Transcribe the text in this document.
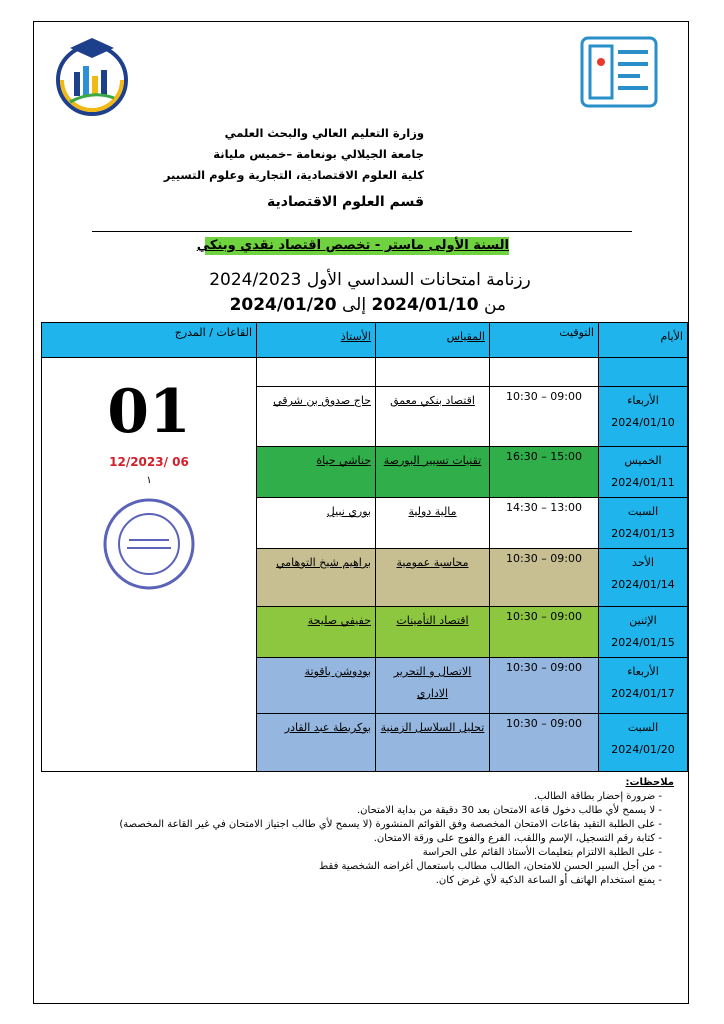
وزارة التعليم العالي والبحث العلمي
جامعة الجيلالي بونعامة –خميس مليانة
كلية العلوم الاقتصادية، التجارية وعلوم التسيير
قسم العلوم الاقتصادية
السنة الأولى ماستر - تخصص اقتصاد نقدي وبنكي
رزنامة امتحانات السداسي الأول 2024/2023
من 2024/01/10 إلى 2024/01/20
الأيام	التوقيت	المقياس	الأستاذ	القاعات / المدرج

				01
06 /12/2023
١

الأربعاء
2024/01/10	09:00 – 10:30	اقتصاد بنكي معمق	حاج صدوق بن شرقي	

الخميس
2024/01/11	15:00 – 16:30	تقنيات تسيير البورصة	حناشي حياة	

السبت
2024/01/13	13:00 – 14:30	مالية دولية	بوري نبيل	

الأحد
2024/01/14	09:00 – 10:30	محاسبة عمومية	براهيم شيخ التوهامي	

الإثنين
2024/01/15	09:00 – 10:30	اقتصاد التأمينات	حفيفي صليحة	

الأربعاء
2024/01/17	09:00 – 10:30	الاتصال و التحرير الاداري	بودوشن ياقوتة	

السبت
2024/01/20	09:00 – 10:30	تحليل السلاسل الزمنية	بوكريطة عبد القادر	
ملاحظات:
- ضرورة إحضار بطاقة الطالب.
- لا يسمح لأي طالب دخول قاعة الامتحان بعد 30 دقيقة من بداية الامتحان.
- على الطلبة التقيد بقاعات الامتحان المخصصة وفق القوائم المنشورة (لا يسمح لأي طالب اجتياز الامتحان في غير القاعة المخصصة)
- كتابة رقم التسجيل، الإسم واللقب، الفرع والفوج على ورقة الامتحان.
- على الطلبة الالتزام بتعليمات الأستاذ القائم على الحراسة
- من أجل السير الحسن للامتحان، الطالب مطالب باستعمال أغراضه الشخصية فقط
- يمنع استخدام الهاتف أو الساعة الذكية لأي غرض كان.
